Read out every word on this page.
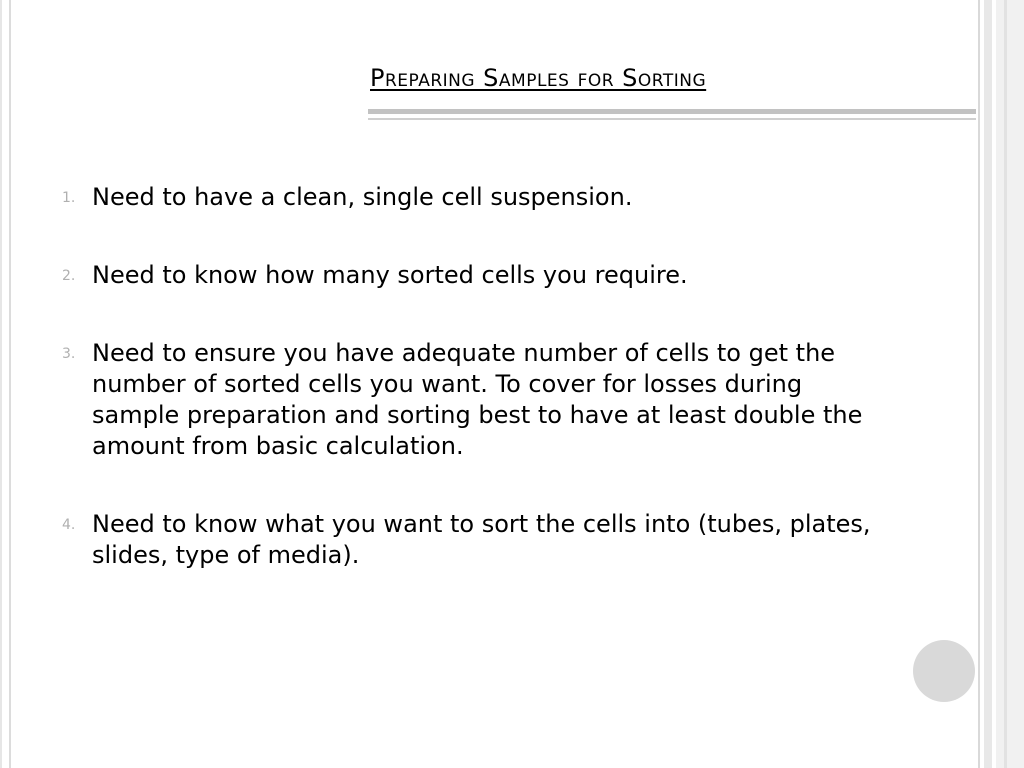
Preparing Samples for Sorting
1. Need to have a clean, single cell suspension.
2. Need to know how many sorted cells you require.
3. Need to ensure you have adequate number of cells to get the number of sorted cells you want. To cover for losses during sample preparation and sorting best to have at least double the amount from basic calculation.
4. Need to know what you want to sort the cells into (tubes, plates, slides, type of media).
